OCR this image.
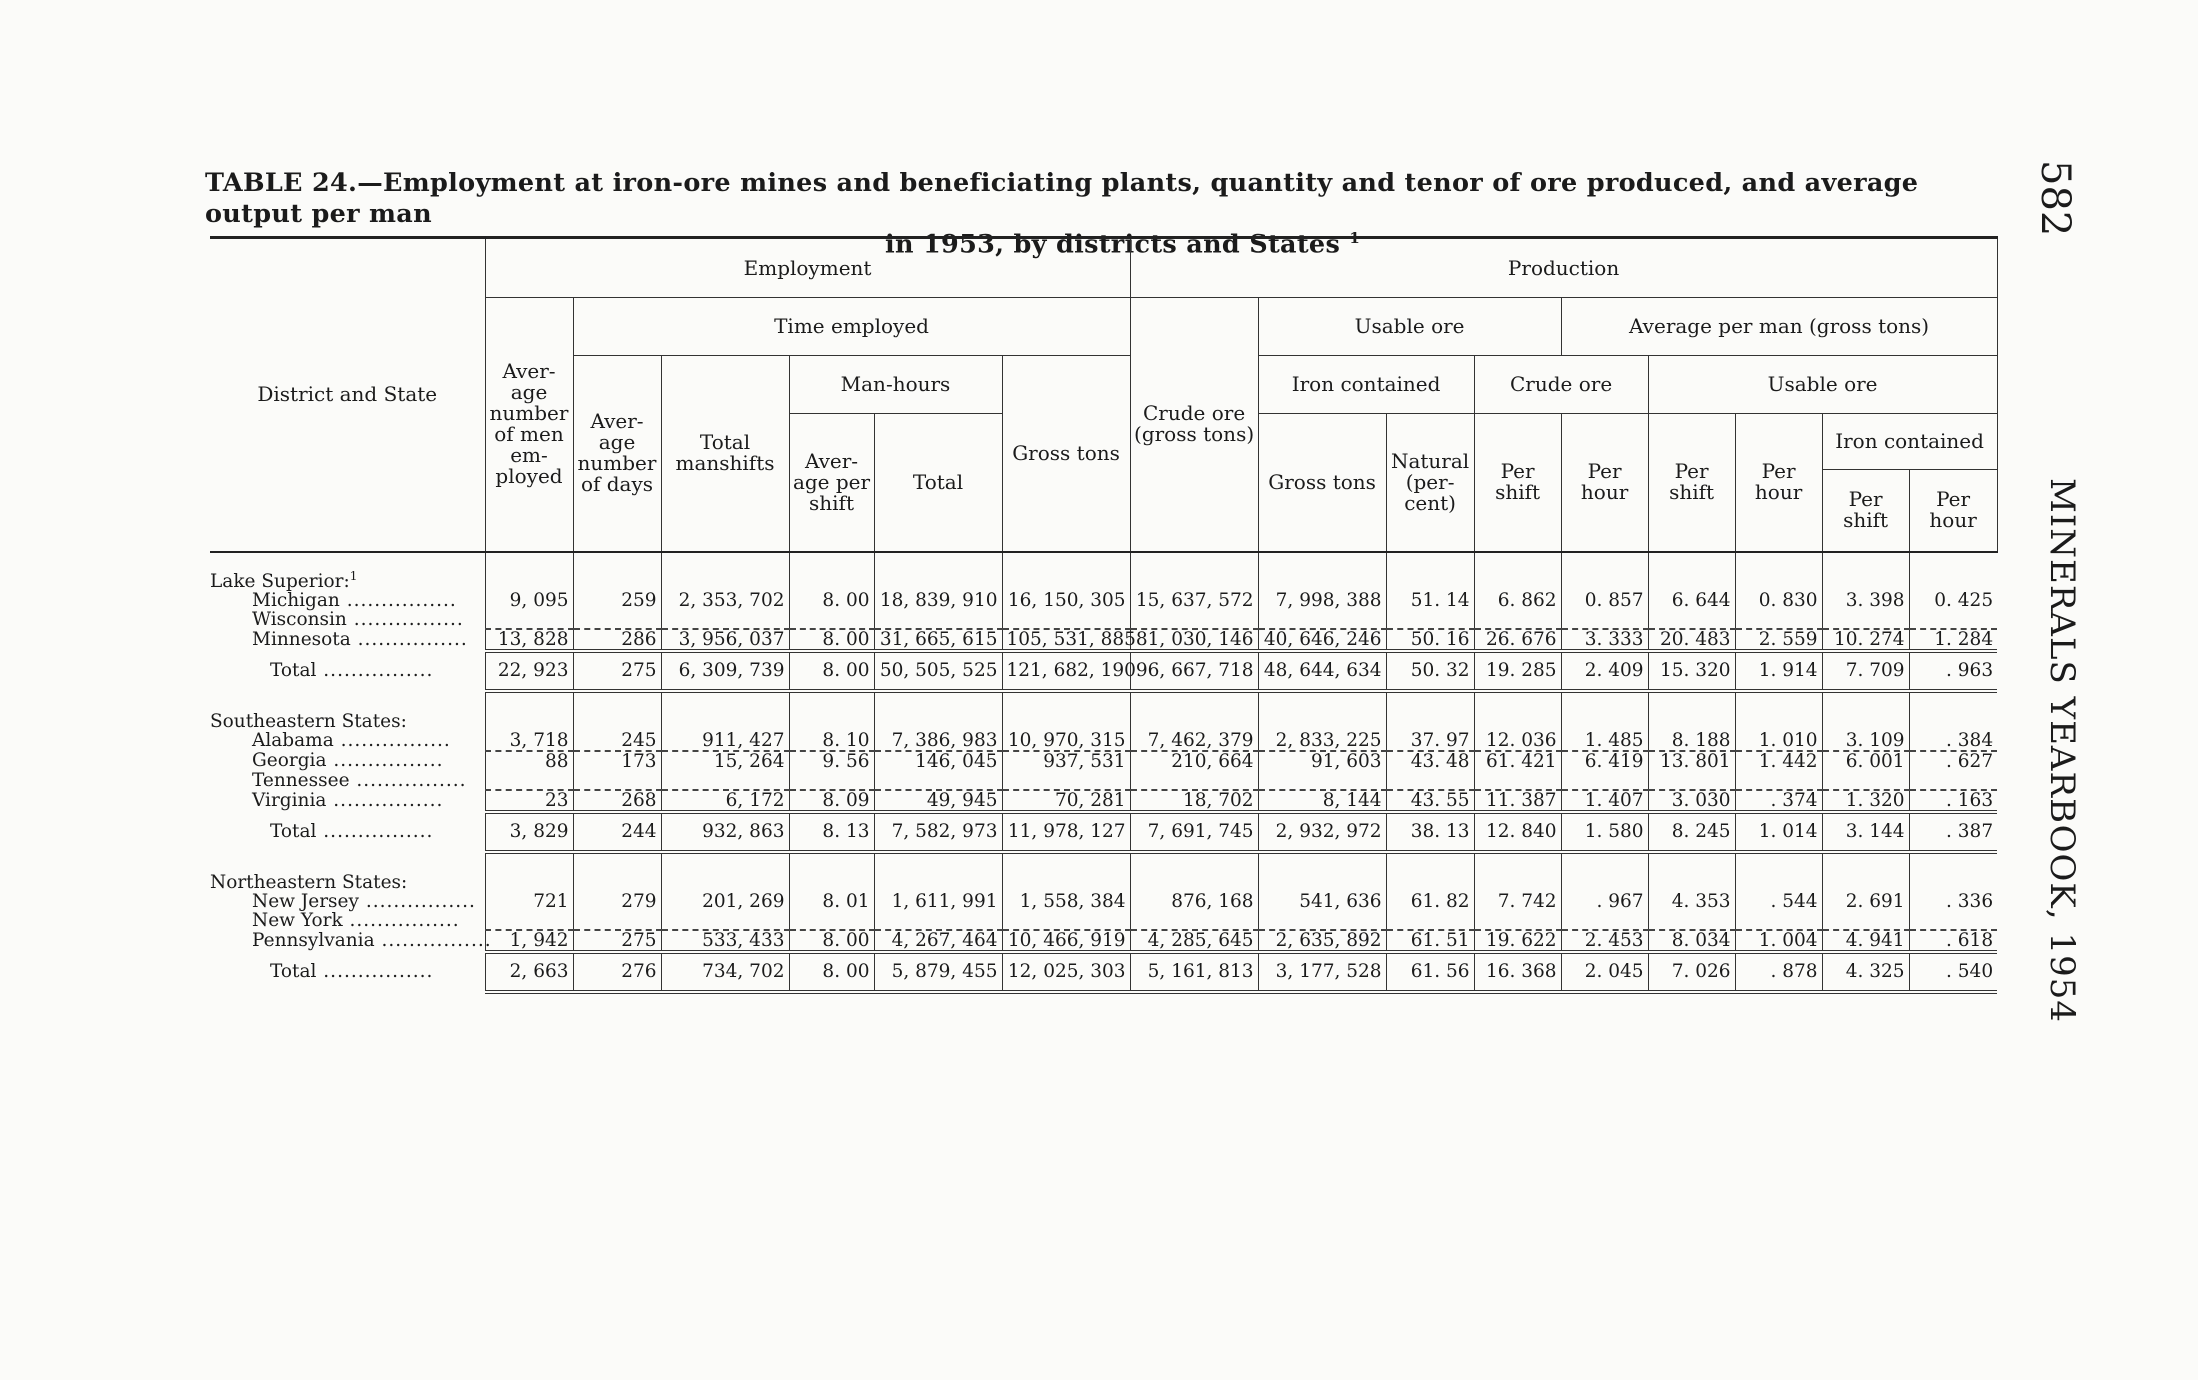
TABLE 24.—Employment at iron-ore mines and beneficiating plants, quantity and tenor of ore produced, and average output per man
in 1953, by districts and States $^1$
582
MINERALS YEARBOOK, 1954
District and State	Employment						Production								
	Aver- age number of men em- ployed	Time employed					Crude ore (gross tons)	Usable ore			Average per man (gross tons)				
		Aver- age number of days	Total manshifts	Man-hours		Gross tons		Iron contained		Crude ore		Usable ore			
				Aver- age per shift	Total			Gross tons	Natural (per- cent)	Per shift	Per hour	Per shift	Per hour	Iron contained	
														Per shift	Per hour

Lake Superior:$^1$															
Michigan .....	9, 095	259	2, 353, 702	8. 00	18, 839, 910	16, 150, 305	15, 637, 572	7, 998, 388	51. 14	6. 862	0. 857	6. 644	0. 830	3. 398	0. 425
Wisconsin .....															
Minnesota .....	13, 828	286	3, 956, 037	8. 00	31, 665, 615	105, 531, 885	81, 030, 146	40, 646, 246	50. 16	26. 676	3. 333	20. 483	2. 559	10. 274	1. 284
Total .....	22, 923	275	6, 309, 739	8. 00	50, 505, 525	121, 682, 190	96, 667, 718	48, 644, 634	50. 32	19. 285	2. 409	15. 320	1. 914	7. 709	. 963

Southeastern States:															
Alabama .....	3, 718	245	911, 427	8. 10	7, 386, 983	10, 970, 315	7, 462, 379	2, 833, 225	37. 97	12. 036	1. 485	8. 188	1. 010	3. 109	. 384
Georgia .....	88	173	15, 264	9. 56	146, 045	937, 531	210, 664	91, 603	43. 48	61. 421	6. 419	13. 801	1. 442	6. 001	. 627
Tennessee .....															
Virginia .....	23	268	6, 172	8. 09	49, 945	70, 281	18, 702	8, 144	43. 55	11. 387	1. 407	3. 030	. 374	1. 320	. 163
Total .....	3, 829	244	932, 863	8. 13	7, 582, 973	11, 978, 127	7, 691, 745	2, 932, 972	38. 13	12. 840	1. 580	8. 245	1. 014	3. 144	. 387

Northeastern States:															
New Jersey .....	721	279	201, 269	8. 01	1, 611, 991	1, 558, 384	876, 168	541, 636	61. 82	7. 742	. 967	4. 353	. 544	2. 691	. 336
New York .....															
Pennsylvania .....	1, 942	275	533, 433	8. 00	4, 267, 464	10, 466, 919	4, 285, 645	2, 635, 892	61. 51	19. 622	2. 453	8. 034	1. 004	4. 941	. 618
Total .....	2, 663	276	734, 702	8. 00	5, 879, 455	12, 025, 303	5, 161, 813	3, 177, 528	61. 56	16. 368	2. 045	7. 026	. 878	4. 325	. 540
